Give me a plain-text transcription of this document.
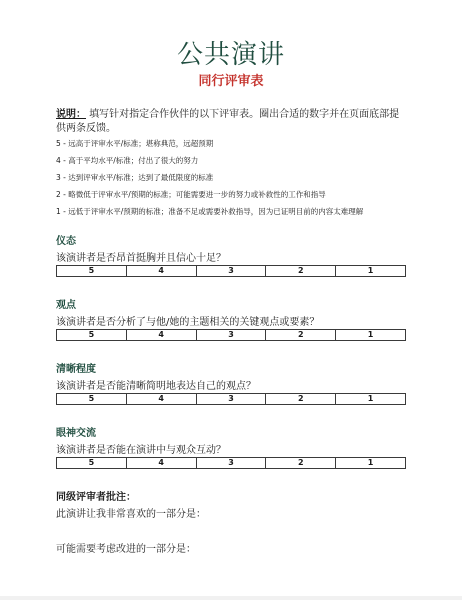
公共演讲
同行评审表
说明： 填写针对指定合作伙伴的以下评审表。圈出合适的数字并在页面底部提供两条反馈。
5 - 远高于评审水平/标准；堪称典范，远超预期
4 - 高于平均水平/标准；付出了很大的努力
3 - 达到评审水平/标准；达到了最低限度的标准
2 - 略微低于评审水平/预期的标准；可能需要进一步的努力或补救性的工作和指导
1 - 远低于评审水平/预期的标准；准备不足或需要补救指导，因为已证明目前的内容太难理解
仪态
该演讲者是否昂首挺胸并且信心十足？
5	4	3	2	1
观点
该演讲者是否分析了与他/她的主题相关的关键观点或要素？
5	4	3	2	1
清晰程度
该演讲者是否能清晰简明地表达自己的观点？
5	4	3	2	1
眼神交流
该演讲者是否能在演讲中与观众互动？
5	4	3	2	1
同级评审者批注：
此演讲让我非常喜欢的一部分是：
可能需要考虑改进的一部分是：
